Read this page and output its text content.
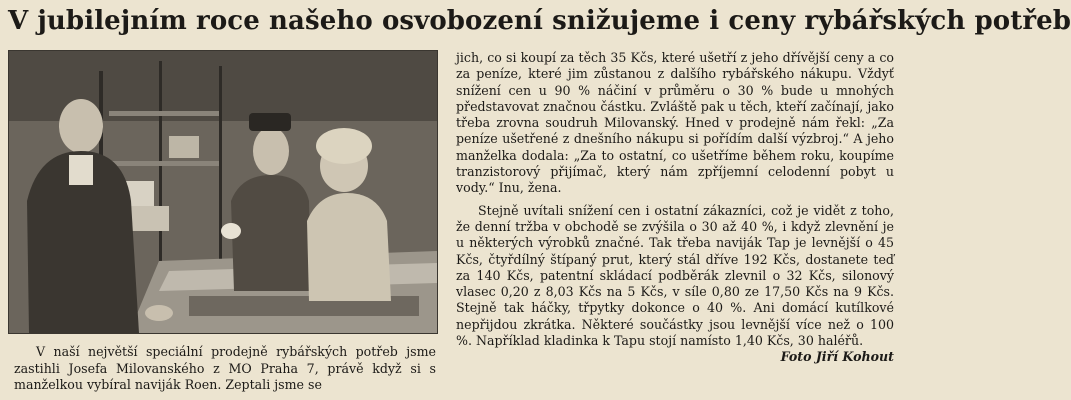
V jubilejním roce našeho osvobození snižujeme i ceny rybářských potřeb

V naší největší speciální prodejně rybářských potřeb jsme zastihli Josefa Milovanského z MO Praha 7, právě když si s manželkou vybíral naviják Roen. Zeptali jsme se

jich, co si koupí za těch 35 Kčs, které ušetří z jeho dřívější ceny a co za peníze, které jim zůstanou z dalšího rybářského nákupu. Vždyť snížení cen u 90 % náčiní v průměru o 30 % bude u mnohých představovat značnou částku. Zvláště pak u těch, kteří začínají, jako třeba zrovna soudruh Milovanský. Hned v prodejně nám řekl: „Za peníze ušetřené z dnešního nákupu si pořídím další výzbroj.“ A jeho manželka dodala: „Za to ostatní, co ušetříme během roku, koupíme tranzistorový přijímač, který nám zpříjemní celodenní pobyt u vody.“ Inu, žena.

Stejně uvítali snížení cen i ostatní zákazníci, což je vidět z toho, že denní tržba v obchodě se zvýšila o 30 až 40 %, i když zlevnění je u některých výrobků značné. Tak třeba naviják Tap je levnější o 45 Kčs, čtyřdílný štípaný prut, který stál dříve 192 Kčs, dostanete teď za 140 Kčs, patentní skládací podběrák zlevnil o 32 Kčs, silonový vlasec 0,20 z 8,03 Kčs na 5 Kčs, v síle 0,80 ze 17,50 Kčs na 9 Kčs. Stejně tak háčky, třpytky dokonce o 40 %. Ani domácí kutílkové nepřijdou zkrátka. Některé součástky jsou levnější více než o 100 %. Například kladinka k Tapu stojí namísto 1,40 Kčs, 30 haléřů.
Foto Jiří Kohout
